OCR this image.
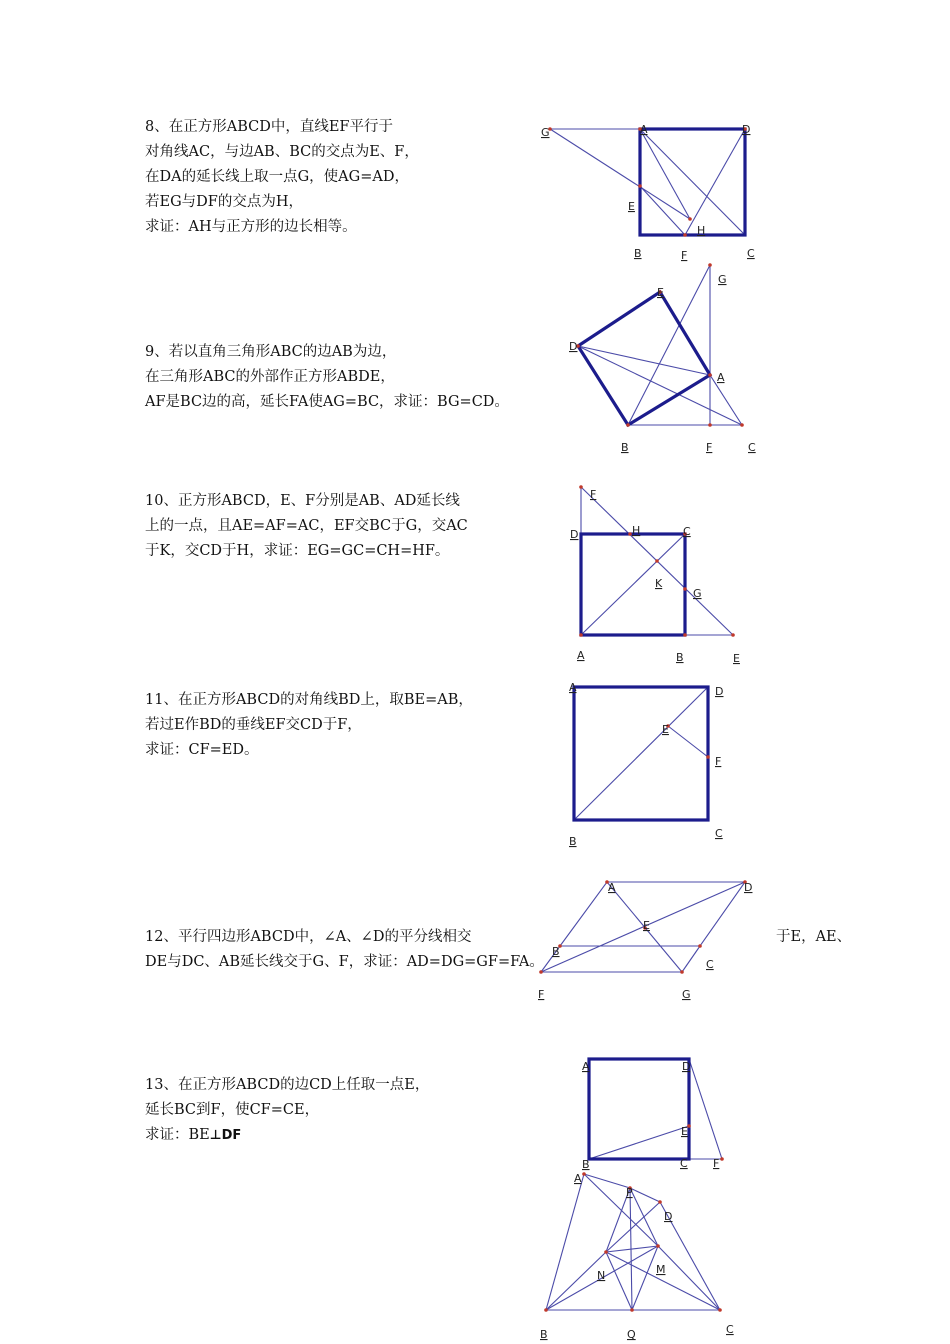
8、在正方形ABCD中，直线EF平行于
对角线AC，与边AB、BC的交点为E、F，
在DA的延长线上取一点G，使AG=AD，
若EG与DF的交点为H，
求证：AH与正方形的边长相等。
9、若以直角三角形ABC的边AB为边，
在三角形ABC的外部作正方形ABDE，
AF是BC边的高，延长FA使AG=BC，求证：BG=CD。
10、正方形ABCD，E、F分别是AB、AD延长线
上的一点，且AE=AF=AC，EF交BC于G，交AC
于K，交CD于H，求证：EG=GC=CH=HF。
11、在正方形ABCD的对角线BD上，取BE=AB，
若过E作BD的垂线EF交CD于F，
求证：CF=ED。
12、平行四边形ABCD中，∠A、∠D的平分线相交
DE与DC、AB延长线交于G、F，求证：AD=DG=GF=FA。
于E，AE、
13、在正方形ABCD的边CD上任取一点E，
延长BC到F，使CF=CE，
求证：BE⊥DF
A	D
G
E
H
B	F	C
G
E
D
A
B	F	C
F
D	H	C
K
G
A	B	E
A	D
E
F
B
C
A	D
E
B
C
F	G
A	D
E
B	C F
A
P
D
N	M
B	Q	C
